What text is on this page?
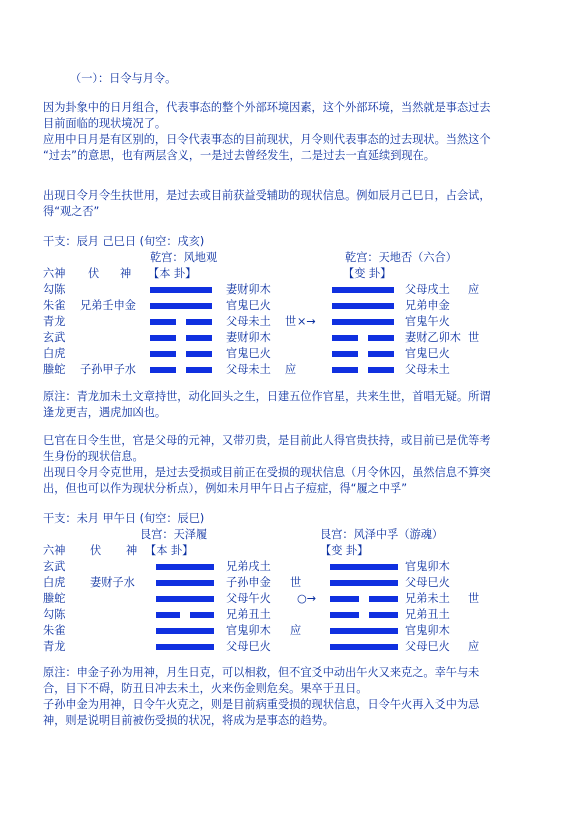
（一）：日令与月令。
因为卦象中的日月组合，代表事态的整个外部环境因素，这个外部环境，当然就是事态过去
目前面临的现状境况了。
应用中日月是有区别的，日令代表事态的目前现状，月令则代表事态的过去现状。当然这个
“过去”的意思，也有两层含义，一是过去曾经发生，二是过去一直延续到现在。
出现日令月令生扶世用，是过去或目前获益受辅助的现状信息。例如辰月己巳日，占会试，
得“观之否”
干支：辰月 己巳日 (旬空：戌亥)
乾宫：风地观	乾宫：天地否（六合）
六神 伏 神 【本 卦】	【变 卦】
勾陈	妻财卯木	父母戌土 应
朱雀 兄弟壬申金	官鬼巳火	兄弟申金
青龙	父母未土 世 ×→	官鬼午火
玄武	妻财卯木	妻财乙卯木 世
白虎	官鬼巳火	官鬼巳火
螣蛇 子孙甲子水	父母未土 应	父母未土
原注：青龙加未土文章持世，动化回头之生，日建五位作官星，共来生世，首唱无疑。所谓
逢龙更吉，遇虎加凶也。
巳官在日令生世，官是父母的元神，又带刃贵，是目前此人得官贵扶持，或目前已是优等考
生身份的现状信息。
出现日令月令克世用，是过去受损或目前正在受损的现状信息（月令休囚，虽然信息不算突
出，但也可以作为现状分析点），例如未月甲午日占子痘症，得“履之中孚”
干支：未月 甲午日 (旬空：辰巳)
艮宫：天泽履	艮宫：风泽中孚（游魂）
六神 伏 神 【本 卦】	【变 卦】
玄武	兄弟戌土	官鬼卯木
白虎 妻财子水	子孙申金 世	父母巳火
螣蛇	父母午火 ○→	兄弟未土 世
勾陈	兄弟丑土	兄弟丑土
朱雀	官鬼卯木 应	官鬼卯木
青龙	父母巳火	父母巳火 应
原注：申金子孙为用神，月生日克，可以相救，但不宜爻中动出午火又来克之。幸午与未
合，目下不碍，防丑日冲去未土，火来伤金则危矣。果卒于丑日。
子孙申金为用神，日令午火克之，则是目前病重受损的现状信息，日令午火再入爻中为忌
神，则是说明目前被伤受损的状况，将成为是事态的趋势。
